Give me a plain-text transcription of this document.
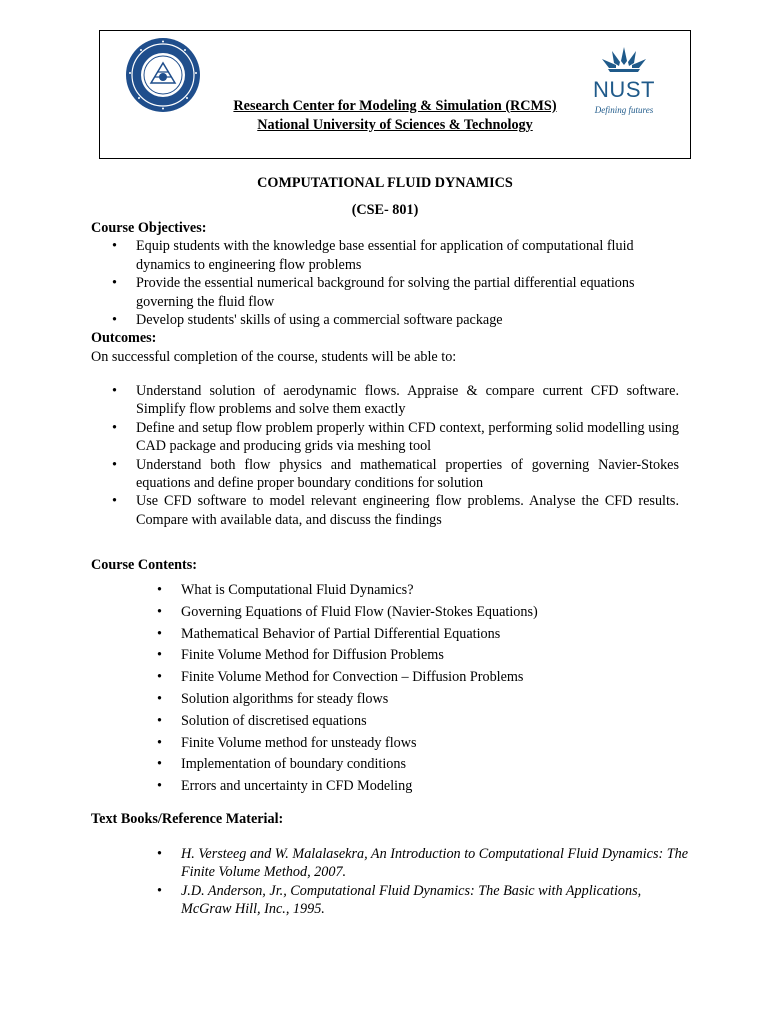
NUST
Defining futures
Research Center for Modeling & Simulation (RCMS)
National University of Sciences & Technology
COMPUTATIONAL FLUID DYNAMICS
(CSE- 801)
Course Objectives:
• Equip students with the knowledge base essential for application of computational fluid dynamics to engineering flow problems
• Provide the essential numerical background for solving the partial differential equations governing the fluid flow
• Develop students' skills of using a commercial software package
Outcomes:
On successful completion of the course, students will be able to:
• Understand solution of aerodynamic flows. Appraise & compare current CFD software. Simplify flow problems and solve them exactly
• Define and setup flow problem properly within CFD context, performing solid modelling using CAD package and producing grids via meshing tool
• Understand both flow physics and mathematical properties of governing Navier-Stokes equations and define proper boundary conditions for solution
• Use CFD software to model relevant engineering flow problems. Analyse the CFD results. Compare with available data, and discuss the findings
Course Contents:
• What is Computational Fluid Dynamics?
• Governing Equations of Fluid Flow (Navier-Stokes Equations)
• Mathematical Behavior of Partial Differential Equations
• Finite Volume Method for Diffusion Problems
• Finite Volume Method for Convection – Diffusion Problems
• Solution algorithms for steady flows
• Solution of discretised equations
• Finite Volume method for unsteady flows
• Implementation of boundary conditions
• Errors and uncertainty in CFD Modeling
Text Books/Reference Material:
• H. Versteeg and W. Malalasekra, An Introduction to Computational Fluid Dynamics: The Finite Volume Method, 2007.
• J.D. Anderson, Jr., Computational Fluid Dynamics: The Basic with Applications, McGraw Hill, Inc., 1995.
